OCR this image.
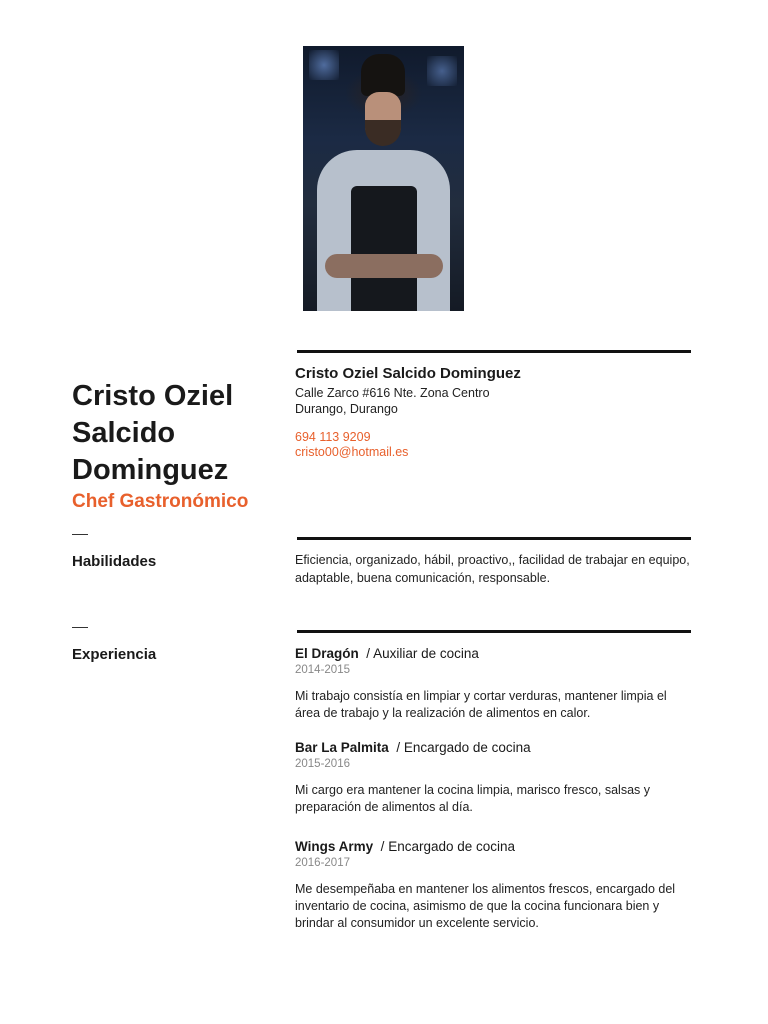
Cristo Oziel Salcido Dominguez
Chef Gastronómico
Cristo Oziel Salcido Dominguez
Calle Zarco #616 Nte. Zona Centro
Durango, Durango
694 113 9209
cristo00@hotmail.es
Habilidades	Eficiencia, organizado, hábil, proactivo,, facilidad de trabajar en equipo, adaptable, buena comunicación, responsable.
Experiencia	El Dragón / Auxiliar de cocina
2014-2015
Mi trabajo consistía en limpiar y cortar verduras, mantener limpia el área de trabajo y la realización de alimentos en calor.
Bar La Palmita / Encargado de cocina
2015-2016
Mi cargo era mantener la cocina limpia, marisco fresco, salsas y preparación de alimentos al día.
Wings Army / Encargado de cocina
2016-2017
Me desempeñaba en mantener los alimentos frescos, encargado del inventario de cocina, asimismo de que la cocina funcionara bien y brindar al consumidor un excelente servicio.
